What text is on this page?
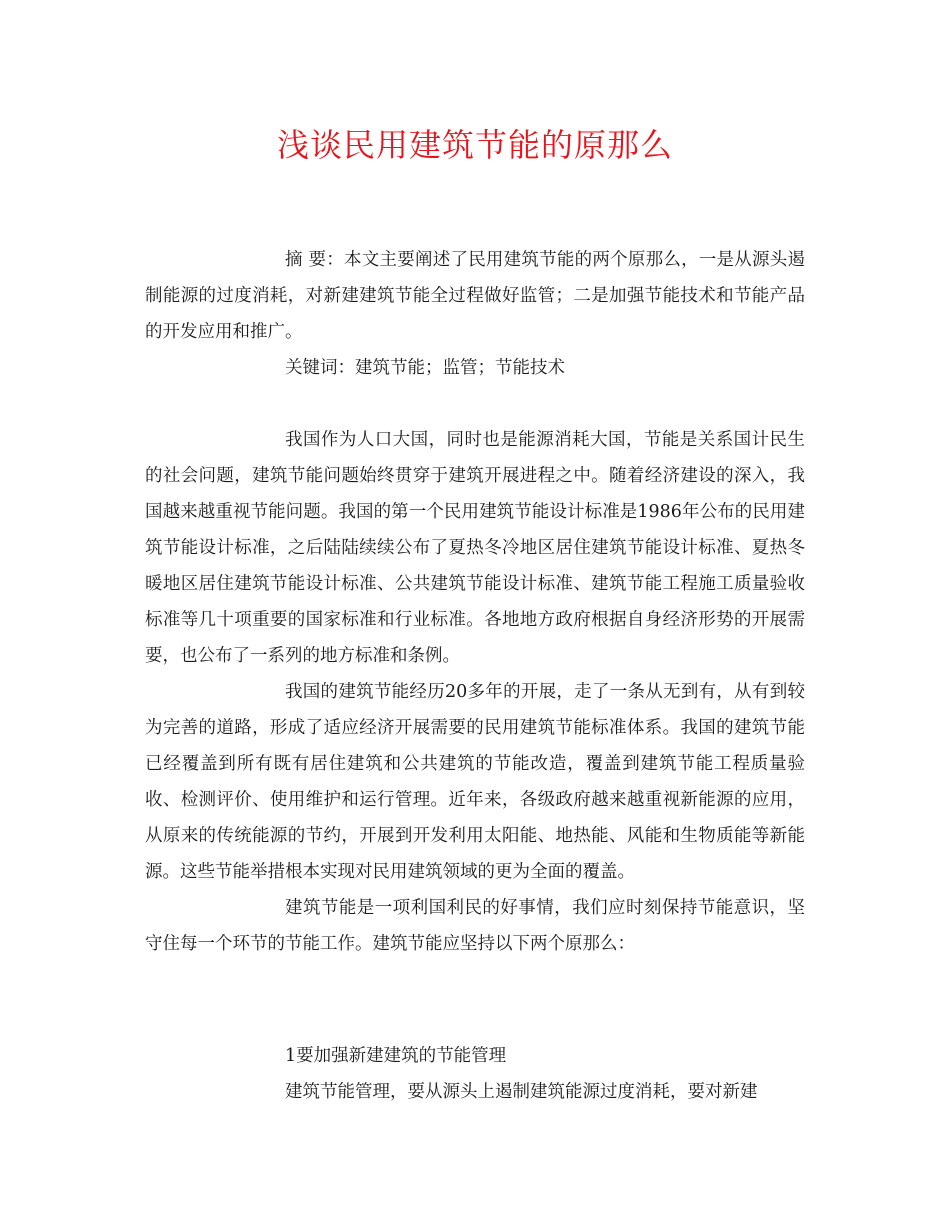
浅谈民用建筑节能的原那么

摘 要：本文主要阐述了民用建筑节能的两个原那么，一是从源头遏制能源的过度消耗，对新建建筑节能全过程做好监管；二是加强节能技术和节能产品的开发应用和推广。

关键词：建筑节能；监管；节能技术

我国作为人口大国，同时也是能源消耗大国，节能是关系国计民生的社会问题，建筑节能问题始终贯穿于建筑开展进程之中。随着经济建设的深入，我国越来越重视节能问题。我国的第一个民用建筑节能设计标准是1986年公布的民用建筑节能设计标准，之后陆陆续续公布了夏热冬冷地区居住建筑节能设计标准、夏热冬暖地区居住建筑节能设计标准、公共建筑节能设计标准、建筑节能工程施工质量验收标准等几十项重要的国家标准和行业标准。各地地方政府根据自身经济形势的开展需要，也公布了一系列的地方标准和条例。

我国的建筑节能经历20多年的开展，走了一条从无到有，从有到较为完善的道路，形成了适应经济开展需要的民用建筑节能标准体系。我国的建筑节能已经覆盖到所有既有居住建筑和公共建筑的节能改造，覆盖到建筑节能工程质量验收、检测评价、使用维护和运行管理。近年来，各级政府越来越重视新能源的应用，从原来的传统能源的节约，开展到开发利用太阳能、地热能、风能和生物质能等新能源。这些节能举措根本实现对民用建筑领域的更为全面的覆盖。

建筑节能是一项利国利民的好事情，我们应时刻保持节能意识，坚守住每一个环节的节能工作。建筑节能应坚持以下两个原那么：

1要加强新建建筑的节能管理

建筑节能管理，要从源头上遏制建筑能源过度消耗，要对新建
